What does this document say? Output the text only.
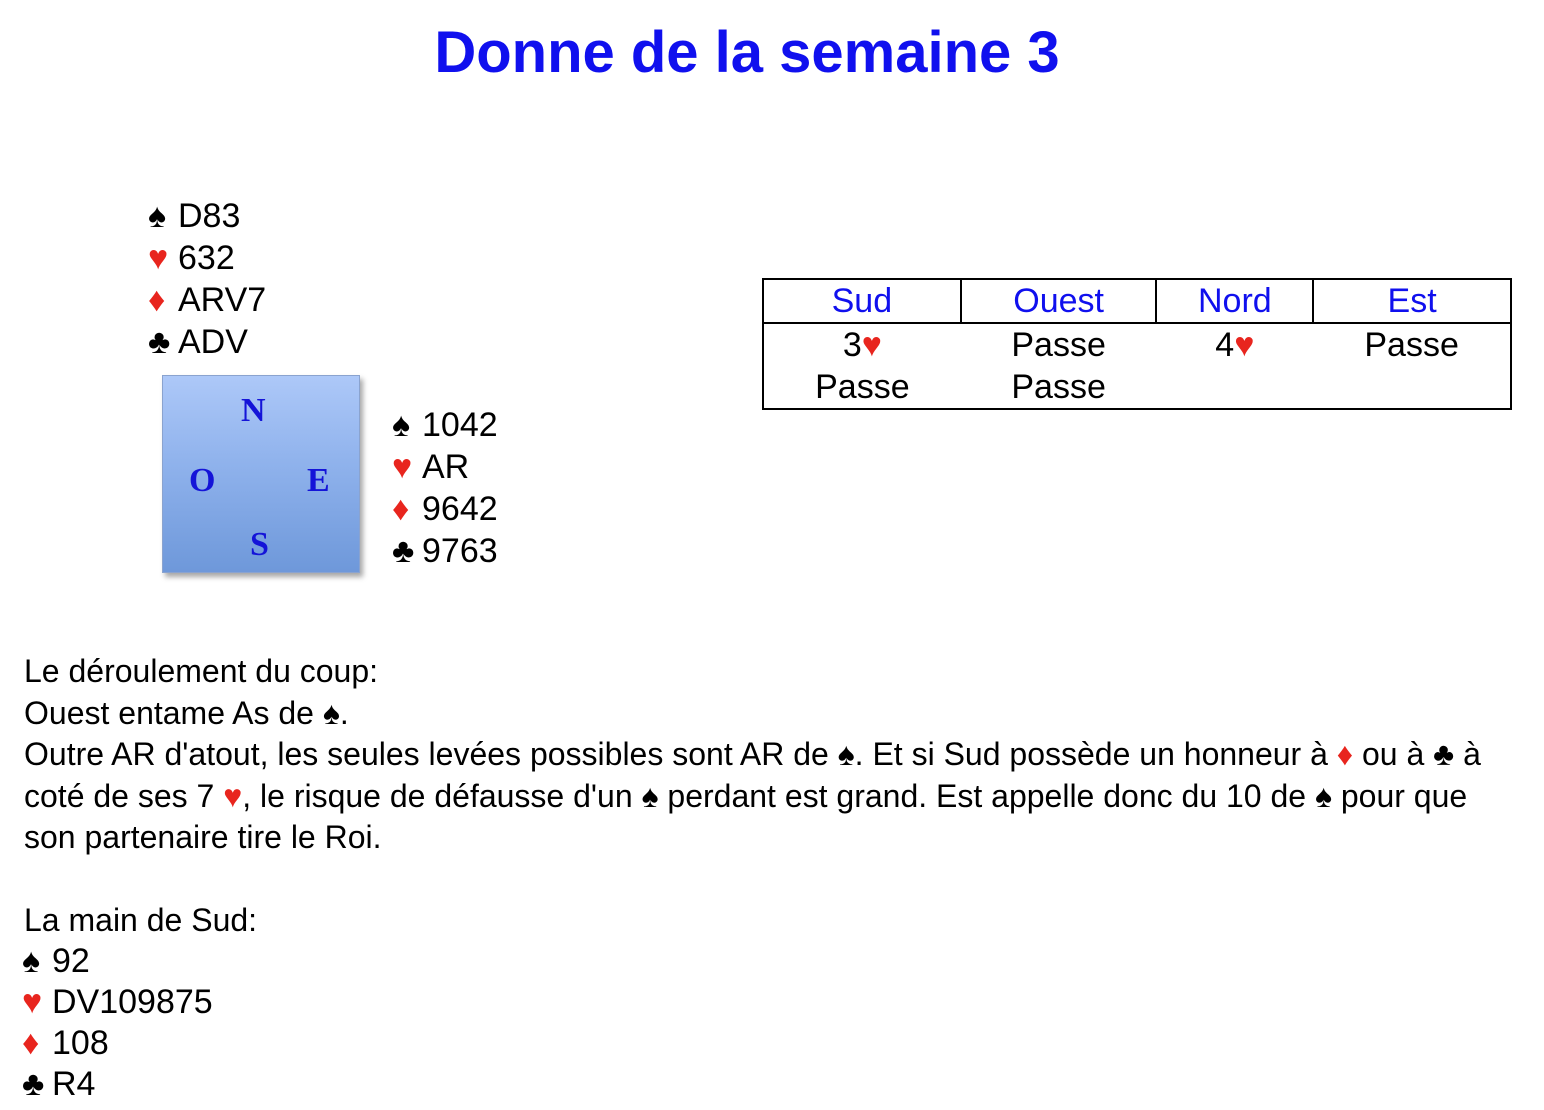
Donne de la semaine 3
♠ D83
♥ 632
♦ ARV7
♣ ADV
N
O	E
S
♠ 1042
♥ AR
♦ 9642
♣ 9763
Sud	Ouest	Nord	Est
3♥	Passe	4♥	Passe
Passe	Passe		

Le déroulement du coup:

Ouest entame As de ♠.

Outre AR d'atout, les seules levées possibles sont AR de ♠. Et si Sud possède un honneur à ♦ ou à ♣ à coté de ses 7 ♥, le risque de défausse d'un ♠ perdant est grand. Est appelle donc du 10 de ♠ pour que son partenaire tire le Roi.

La main de Sud:

♠ 92
♥ DV109875
♦ 108
♣ R4
